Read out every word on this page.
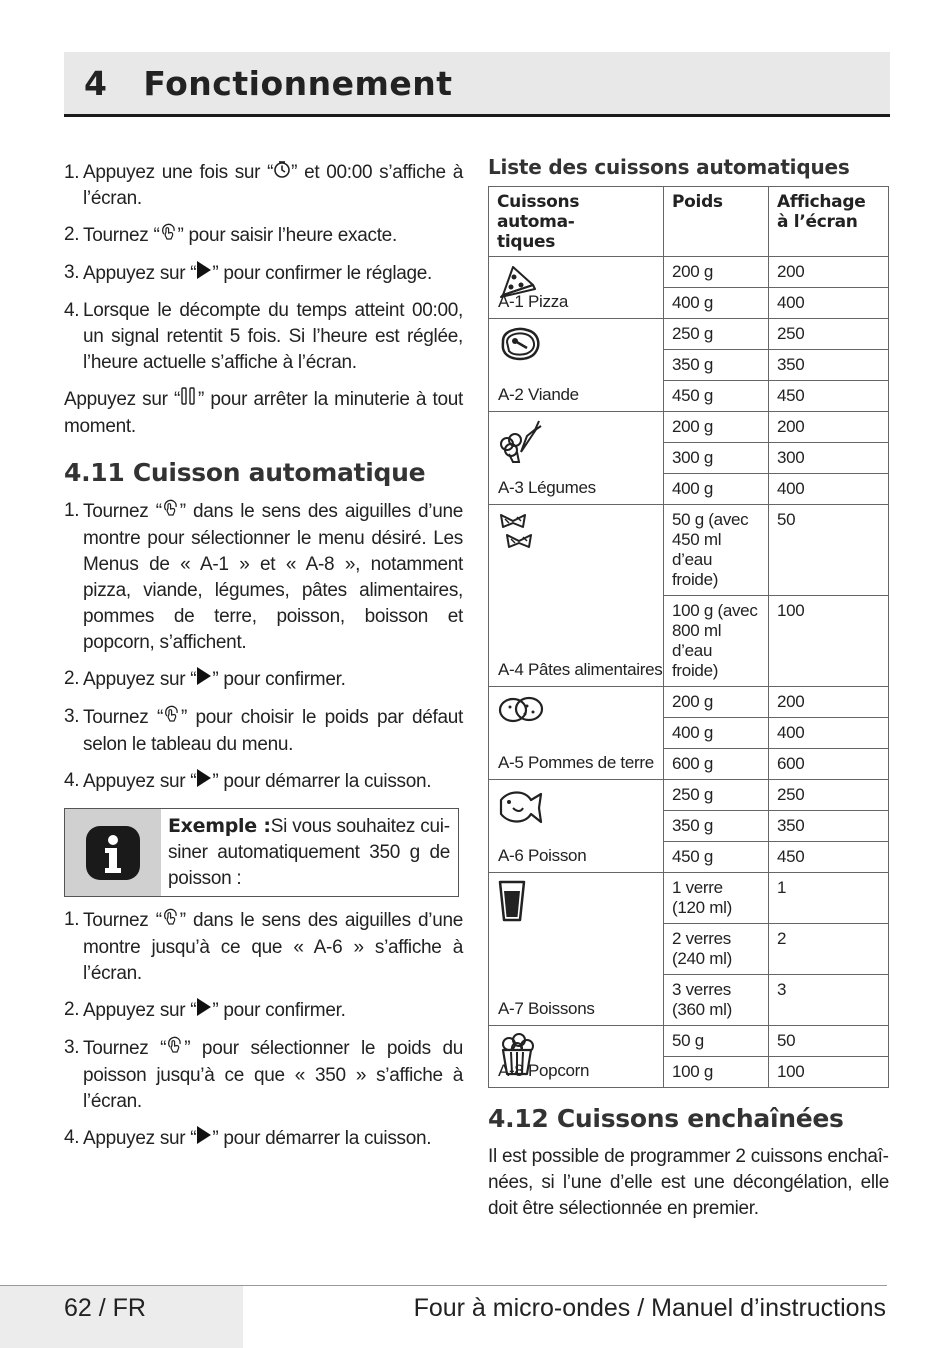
4   Fonctionnement
1. Appuyez une fois sur “ ” et 00:00 s’affiche à l’écran.
2. Tournez “ ” pour saisir l’heure exacte.
3. Appuyez sur “ ” pour confirmer le réglage.
4. Lorsque le décompte du temps atteint 00:00, un signal retentit 5 fois. Si l’heure est réglée, l’heure actuelle s’affiche à l’écran.

Appuyez sur “ ” pour arrêter la minuterie à tout moment.

4.11 Cuisson automatique
1. Tournez “ ” dans le sens des aiguilles d’une montre pour sélectionner le menu désiré. Les Menus de « A-1 » et « A-8 », notamment pizza, viande, légumes, pâtes alimentaires, pommes de terre, poisson, boisson et popcorn, s’affichent.
2. Appuyez sur “ ” pour confirmer.
3. Tournez “ ” pour choisir le poids par défaut selon le tableau du menu.
4. Appuyez sur “ ” pour démarrer la cuisson.
Exemple :Si vous souhaitez cuisiner automatiquement 350 g de poisson :
1. Tournez “ ” dans le sens des aiguilles d’une montre jusqu’à ce que « A-6 » s’affiche à l’écran.
2. Appuyez sur “ ” pour confirmer.
3. Tournez “ ” pour sélectionner le poids du poisson jusqu’à ce que « 350 » s’affiche à l’écran.
4. Appuyez sur “ ” pour démarrer la cuisson.
Liste des cuissons automatiques
Cuissons automa-
tiques	Poids	Affichage
à l’écran

A-1 Pizza	200 g	200
	400 g	400

A-2 Viande	250 g	250
	350 g	350
	450 g	450

A-3 Légumes	200 g	200
	300 g	300
	400 g	400

A-4 Pâtes alimentaires	50 g (avec
450 ml d’eau
froide)	50
	100 g (avec
800 ml d’eau
froide)	100

A-5 Pommes de terre	200 g	200
	400 g	400
	600 g	600

A-6 Poisson	250 g	250
	350 g	350
	450 g	450

A-7 Boissons	1 verre
(120 ml)	1
	2 verres
(240 ml)	2
	3 verres
(360 ml)	3

A-8 Popcorn	50 g	50
	100 g	100
4.12 Cuissons enchaînées

Il est possible de programmer 2 cuissons enchaînées, si l’une d’elle est une décongélation, elle doit être sélectionnée en premier.

62 / FR	Four à micro-ondes / Manuel d’instructions
